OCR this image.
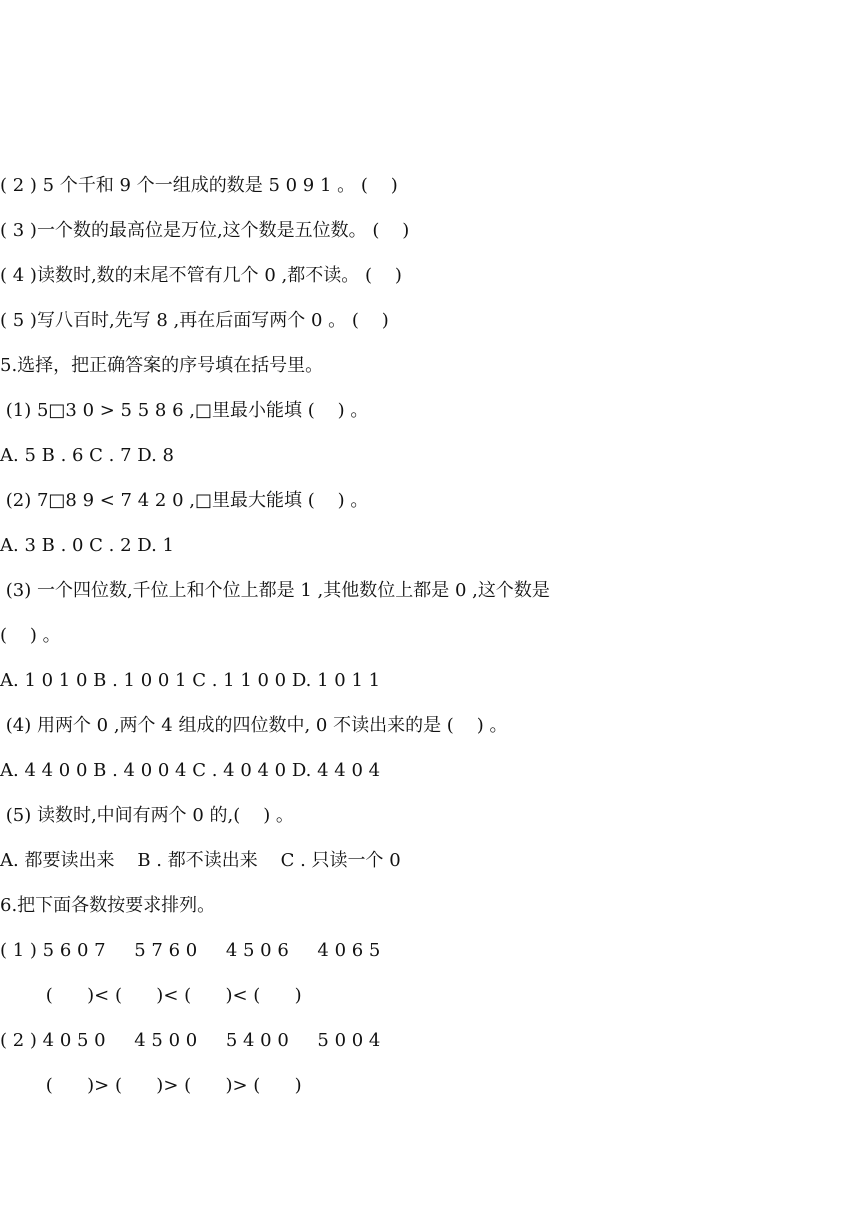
( 2 ) 5 个千和 9 个一组成的数是 5 0 9 1 。 (    )
( 3 )一个数的最高位是万位,这个数是五位数。 (    )
( 4 )读数时,数的末尾不管有几个 0 ,都不读。 (    )
( 5 )写八百时,先写 8 ,再在后面写两个 0 。 (    )
5.选择，把正确答案的序号填在括号里。
(1) 5□3 0 > 5 5 8 6 ,□里最小能填 (    ) 。
A. 5 B . 6 C . 7 D. 8
(2) 7□8 9 < 7 4 2 0 ,□里最大能填 (    ) 。
A. 3 B . 0 C . 2 D. 1
(3) 一个四位数,千位上和个位上都是 1 ,其他数位上都是 0 ,这个数是
(    ) 。
A. 1 0 1 0 B . 1 0 0 1 C . 1 1 0 0 D. 1 0 1 1
(4) 用两个 0 ,两个 4 组成的四位数中, 0 不读出来的是 (    ) 。
A. 4 4 0 0 B . 4 0 0 4 C . 4 0 4 0 D. 4 4 0 4
(5) 读数时,中间有两个 0 的,(    ) 。
A. 都要读出来    B . 都不读出来    C . 只读一个 0
6.把下面各数按要求排列。
( 1 ) 5 6 0 7     5 7 6 0     4 5 0 6     4 0 6 5
(      )< (      )< (      )< (      )
( 2 ) 4 0 5 0     4 5 0 0     5 4 0 0     5 0 0 4
(      )> (      )> (      )> (      )
